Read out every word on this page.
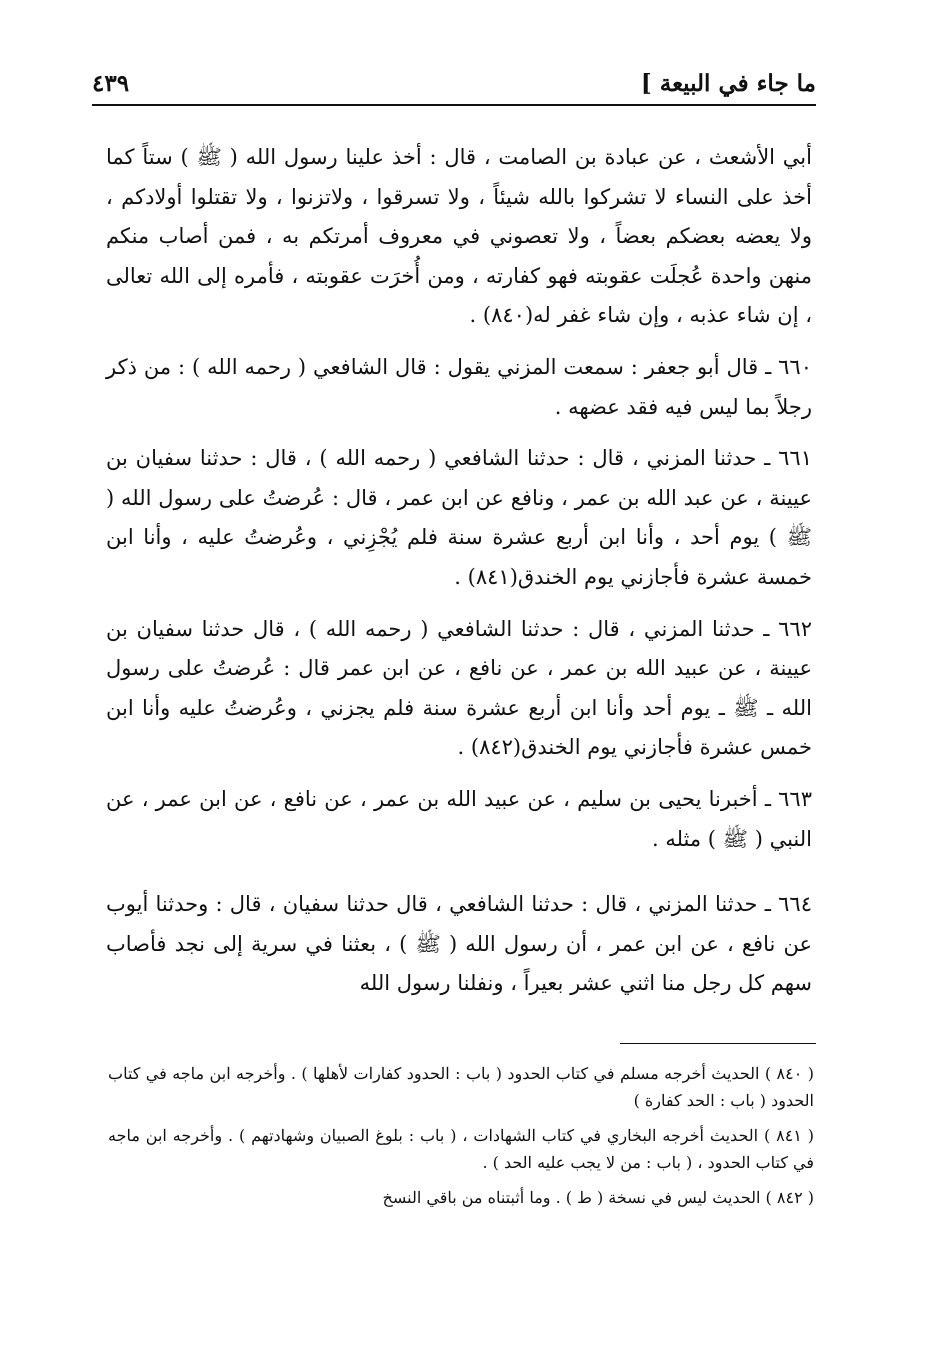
ما جاء في البيعة ]
٤٣٩

أبي الأشعث ، عن عبادة بن الصامت ، قال : أخذ علينا رسول الله ( ﷺ ) ستاً كما أخذ على النساء لا تشركوا بالله شيئاً ، ولا تسرقوا ، ولاتزنوا ، ولا تقتلوا أولادكم ، ولا يعضه بعضكم بعضاً ، ولا تعصوني في معروف أمرتكم به ، فمن أصاب منكم منهن واحدة عُجلَت عقوبته فهو كفارته ، ومن أُخرَت عقوبته ، فأمره إلى الله تعالى ، إن شاء عذبه ، وإن شاء غفر له(٨٤٠) .

٦٦٠ ـ قال أبو جعفر : سمعت المزني يقول : قال الشافعي ( رحمه الله ) : من ذكر رجلاً بما ليس فيه فقد عضهه .

٦٦١ ـ حدثنا المزني ، قال : حدثنا الشافعي ( رحمه الله ) ، قال : حدثنا سفيان بن عيينة ، عن عبد الله بن عمر ، ونافع عن ابن عمر ، قال : عُرضتُ على رسول الله ( ﷺ ) يوم أحد ، وأنا ابن أربع عشرة سنة فلم يُجْزِني ، وعُرضتُ عليه ، وأنا ابن خمسة عشرة فأجازني يوم الخندق(٨٤١) .

٦٦٢ ـ حدثنا المزني ، قال : حدثنا الشافعي ( رحمه الله ) ، قال حدثنا سفيان بن عيينة ، عن عبيد الله بن عمر ، عن نافع ، عن ابن عمر قال : عُرضتُ على رسول الله ـ ﷺ ـ يوم أحد وأنا ابن أربع عشرة سنة فلم يجزني ، وعُرضتُ عليه وأنا ابن خمس عشرة فأجازني يوم الخندق(٨٤٢) .

٦٦٣ ـ أخبرنا يحيى بن سليم ، عن عبيد الله بن عمر ، عن نافع ، عن ابن عمر ، عن النبي ( ﷺ ) مثله .

٦٦٤ ـ حدثنا المزني ، قال : حدثنا الشافعي ، قال حدثنا سفيان ، قال : وحدثنا أيوب عن نافع ، عن ابن عمر ، أن رسول الله ( ﷺ ) ، بعثنا في سرية إلى نجد فأصاب سهم كل رجل منا اثني عشر بعيراً ، ونفلنا رسول الله

( ٨٤٠ ) الحديث أخرجه مسلم في كتاب الحدود ( باب : الحدود كفارات لأهلها ) . وأخرجه ابن ماجه في كتاب الحدود ( باب : الحد كفارة )

( ٨٤١ ) الحديث أخرجه البخاري في كتاب الشهادات ، ( باب : بلوغ الصبيان وشهادتهم ) . وأخرجه ابن ماجه في كتاب الحدود ، ( باب : من لا يجب عليه الحد ) .

( ٨٤٢ ) الحديث ليس في نسخة ( ط ) . وما أثبتناه من باقي النسخ
